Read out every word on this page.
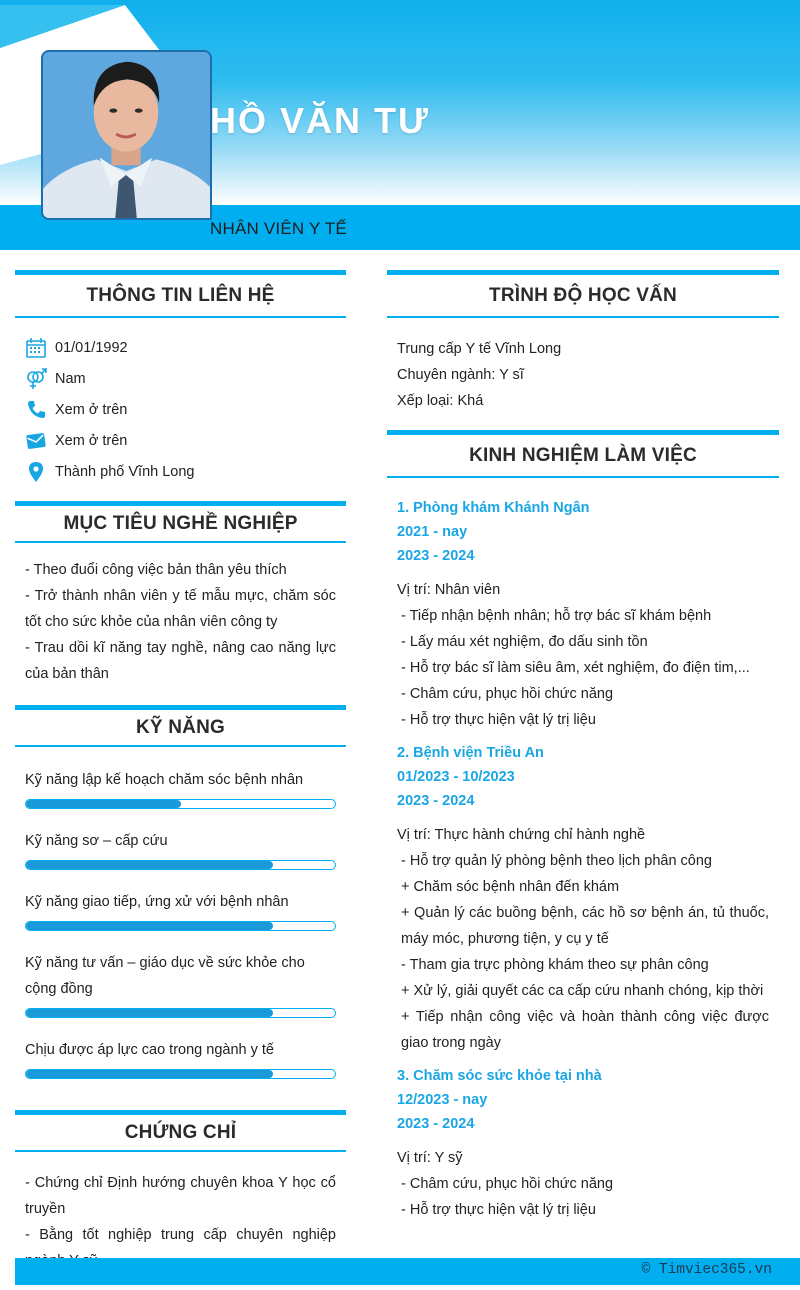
HỒ VĂN TƯ
NHÂN VIÊN Y TẾ
THÔNG TIN LIÊN HỆ
01/01/1992
Nam
Xem ở trên
Xem ở trên
Thành phố Vĩnh Long
MỤC TIÊU NGHỀ NGHIỆP

- Theo đuổi công việc bản thân yêu thích

- Trở thành nhân viên y tế mẫu mực, chăm sóc tốt cho sức khỏe của nhân viên công ty

- Trau dồi kĩ năng tay nghề, nâng cao năng lực của bản thân

KỸ NĂNG
Kỹ năng lập kế hoạch chăm sóc bệnh nhân
Kỹ năng sơ – cấp cứu
Kỹ năng giao tiếp, ứng xử với bệnh nhân
Kỹ năng tư vấn – giáo dục về sức khỏe cho cộng đồng
Chịu được áp lực cao trong ngành y tế
CHỨNG CHỈ

- Chứng chỉ Định hướng chuyên khoa Y học cổ truyền

- Bằng tốt nghiệp trung cấp chuyên nghiệp

TRÌNH ĐỘ HỌC VẤN

Trung cấp Y tế Vĩnh Long

Chuyên ngành: Y sĩ

Xếp loại: Khá

KINH NGHIỆM LÀM VIỆC
1. Phòng khám Khánh Ngân
2021 - nay
2023 - 2024
Vị trí: Nhân viên

- Tiếp nhận bệnh nhân; hỗ trợ bác sĩ khám bệnh

- Lấy máu xét nghiệm, đo dấu sinh tồn

- Hỗ trợ bác sĩ làm siêu âm, xét nghiệm, đo điện tim,...

- Châm cứu, phục hồi chức năng

- Hỗ trợ thực hiện vật lý trị liệu

2. Bệnh viện Triều An
01/2023 - 10/2023
2023 - 2024
Vị trí: Thực hành chứng chỉ hành nghề

- Hỗ trợ quản lý phòng bệnh theo lịch phân công

+ Chăm sóc bệnh nhân đến khám

+ Quản lý các buồng bệnh, các hồ sơ bệnh án, tủ thuốc, máy móc, phương tiện, y cụ y tế

- Tham gia trực phòng khám theo sự phân công

+ Xử lý, giải quyết các ca cấp cứu nhanh chóng, kịp thời

+ Tiếp nhận công việc và hoàn thành công việc được giao trong ngày

3. Chăm sóc sức khỏe tại nhà
12/2023 - nay
2023 - 2024
Vị trí: Y sỹ

- Châm cứu, phục hồi chức năng

- Hỗ trợ thực hiện vật lý trị liệu

© Timviec365.vn
